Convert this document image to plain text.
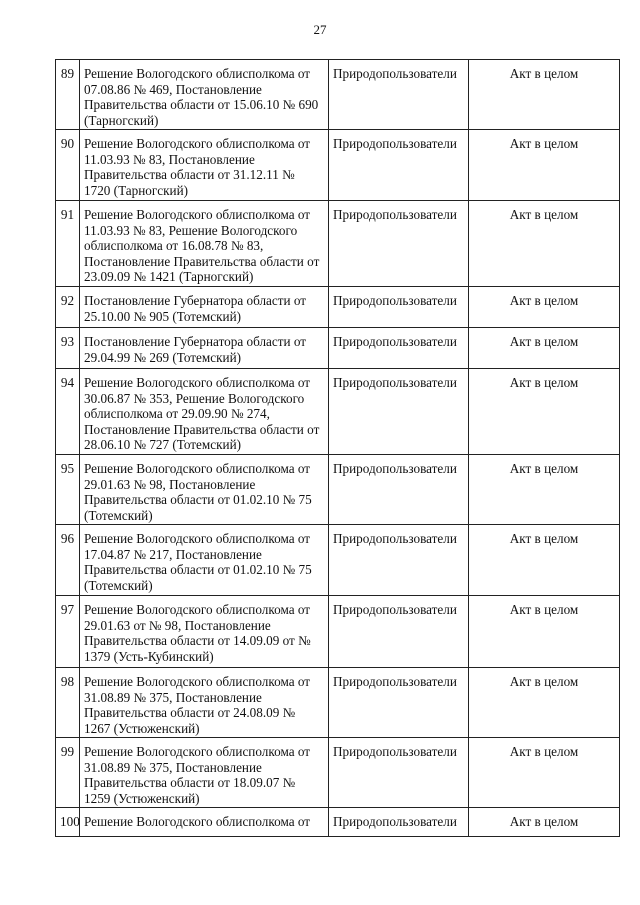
27
89	Решение Вологодского облисполкома от 07.08.86 № 469, Постановление Правительства области от 15.06.10 № 690 (Тарногский)	Природопользователи	Акт в целом
90	Решение Вологодского облисполкома от 11.03.93 № 83, Постановление Правительства области от 31.12.11 № 1720 (Тарногский)	Природопользователи	Акт в целом
91	Решение Вологодского облисполкома от 11.03.93 № 83, Решение Вологодского облисполкома от 16.08.78 № 83, Постановление Правительства области от 23.09.09 № 1421 (Тарногский)	Природопользователи	Акт в целом
92	Постановление Губернатора области от 25.10.00 № 905 (Тотемский)	Природопользователи	Акт в целом
93	Постановление Губернатора области от 29.04.99 № 269 (Тотемский)	Природопользователи	Акт в целом
94	Решение Вологодского облисполкома от 30.06.87 № 353, Решение Вологодского облисполкома от 29.09.90 № 274, Постановление Правительства области от 28.06.10 № 727 (Тотемский)	Природопользователи	Акт в целом
95	Решение Вологодского облисполкома от 29.01.63 № 98, Постановление Правительства области от 01.02.10 № 75 (Тотемский)	Природопользователи	Акт в целом
96	Решение Вологодского облисполкома от 17.04.87 № 217, Постановление Правительства области от 01.02.10 № 75 (Тотемский)	Природопользователи	Акт в целом
97	Решение Вологодского облисполкома от 29.01.63 от № 98, Постановление Правительства области от 14.09.09 от № 1379 (Усть-Кубинский)	Природопользователи	Акт в целом
98	Решение Вологодского облисполкома от 31.08.89 № 375, Постановление Правительства области от 24.08.09 № 1267 (Устюженский)	Природопользователи	Акт в целом
99	Решение Вологодского облисполкома от 31.08.89 № 375, Постановление Правительства области от 18.09.07 № 1259 (Устюженский)	Природопользователи	Акт в целом
100	Решение Вологодского облисполкома от	Природопользователи	Акт в целом
